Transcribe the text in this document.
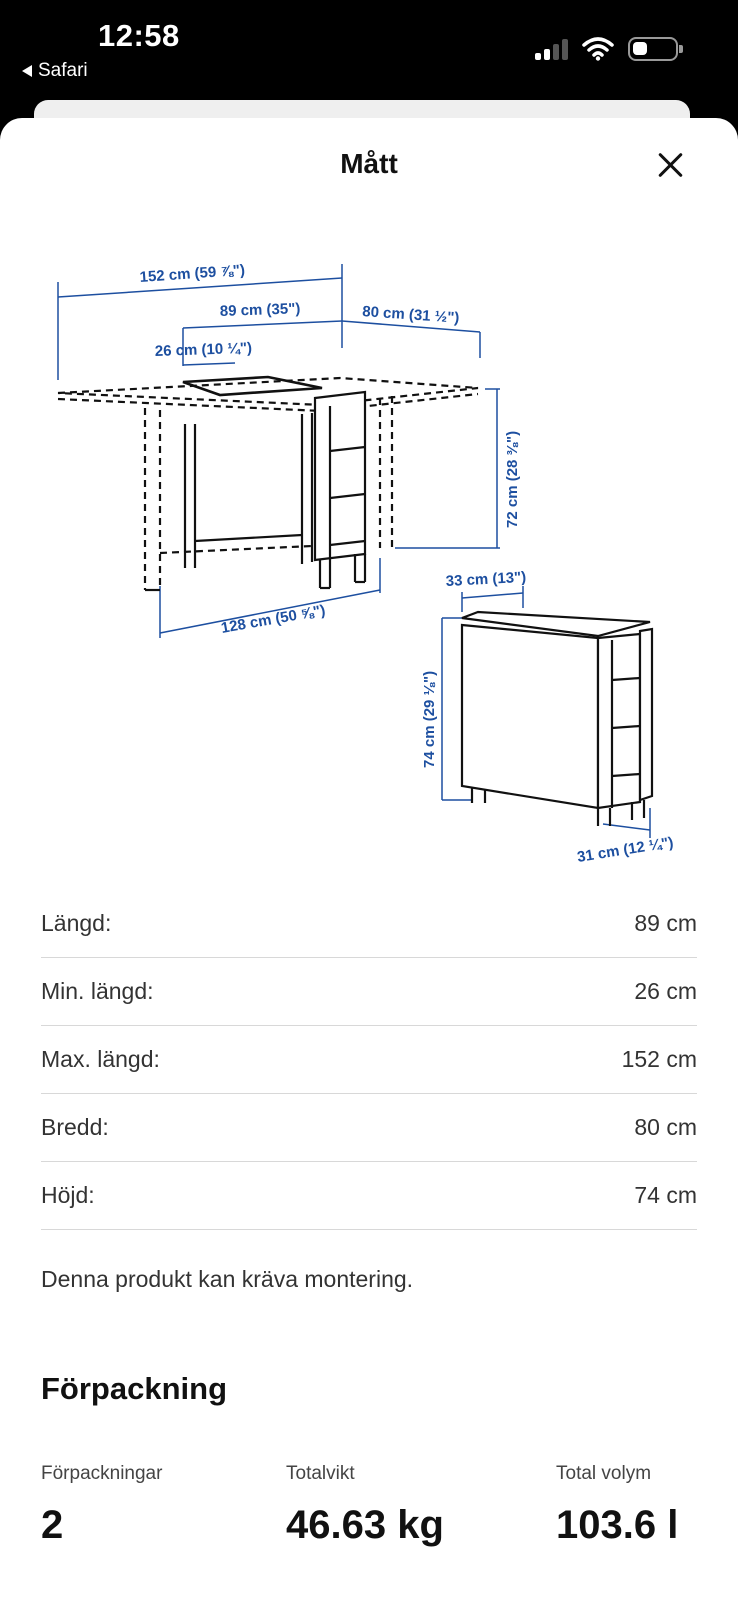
12:58
Safari
Mått
152 cm (59 ⅞")
89 cm (35")	80 cm (31 ½")
26 cm (10 ¼")
72 cm (28 ⅜")
128 cm (50 ⅝")
33 cm (13")
74 cm (29 ⅛")
31 cm (12 ¼")
Längd:	89 cm
Min. längd:	26 cm
Max. längd:	152 cm
Bredd:	80 cm
Höjd:	74 cm
Denna produkt kan kräva montering.
Förpackning
Förpackningar
2
Totalvikt
46.63 kg
Total volym
103.6 l
